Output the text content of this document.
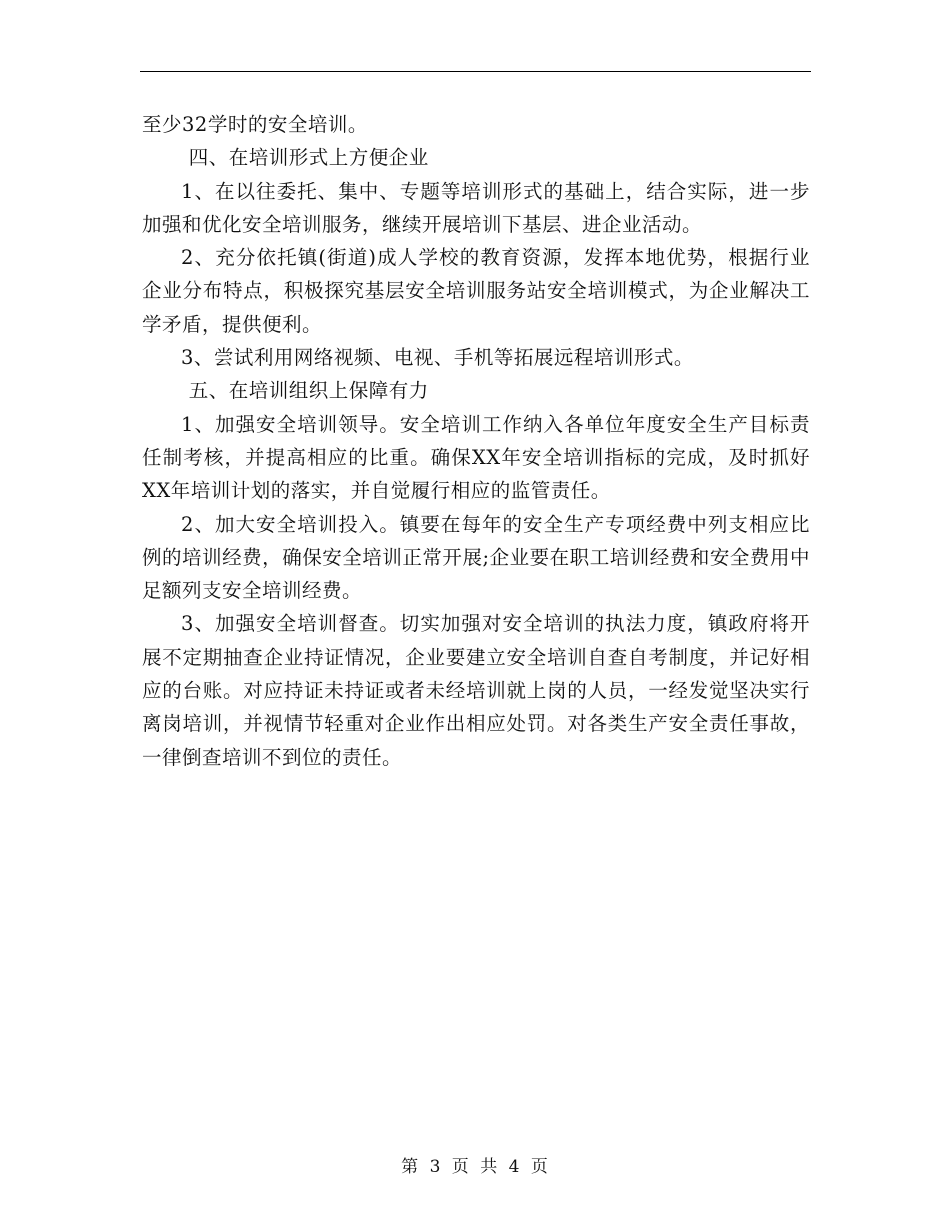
至少32学时的安全培训。

四、在培训形式上方便企业

1、在以往委托、集中、专题等培训形式的基础上，结合实际，进一步加强和优化安全培训服务，继续开展培训下基层、进企业活动。

2、充分依托镇(街道)成人学校的教育资源，发挥本地优势，根据行业企业分布特点，积极探究基层安全培训服务站安全培训模式，为企业解决工学矛盾，提供便利。

3、尝试利用网络视频、电视、手机等拓展远程培训形式。

五、在培训组织上保障有力

1、加强安全培训领导。安全培训工作纳入各单位年度安全生产目标责任制考核，并提高相应的比重。确保XX年安全培训指标的完成，及时抓好XX年培训计划的落实，并自觉履行相应的监管责任。

2、加大安全培训投入。镇要在每年的安全生产专项经费中列支相应比例的培训经费，确保安全培训正常开展;企业要在职工培训经费和安全费用中足额列支安全培训经费。

3、加强安全培训督查。切实加强对安全培训的执法力度，镇政府将开展不定期抽查企业持证情况，企业要建立安全培训自查自考制度，并记好相应的台账。对应持证未持证或者未经培训就上岗的人员，一经发觉坚决实行离岗培训，并视情节轻重对企业作出相应处罚。对各类生产安全责任事故，一律倒查培训不到位的责任。

第 3 页 共 4 页
